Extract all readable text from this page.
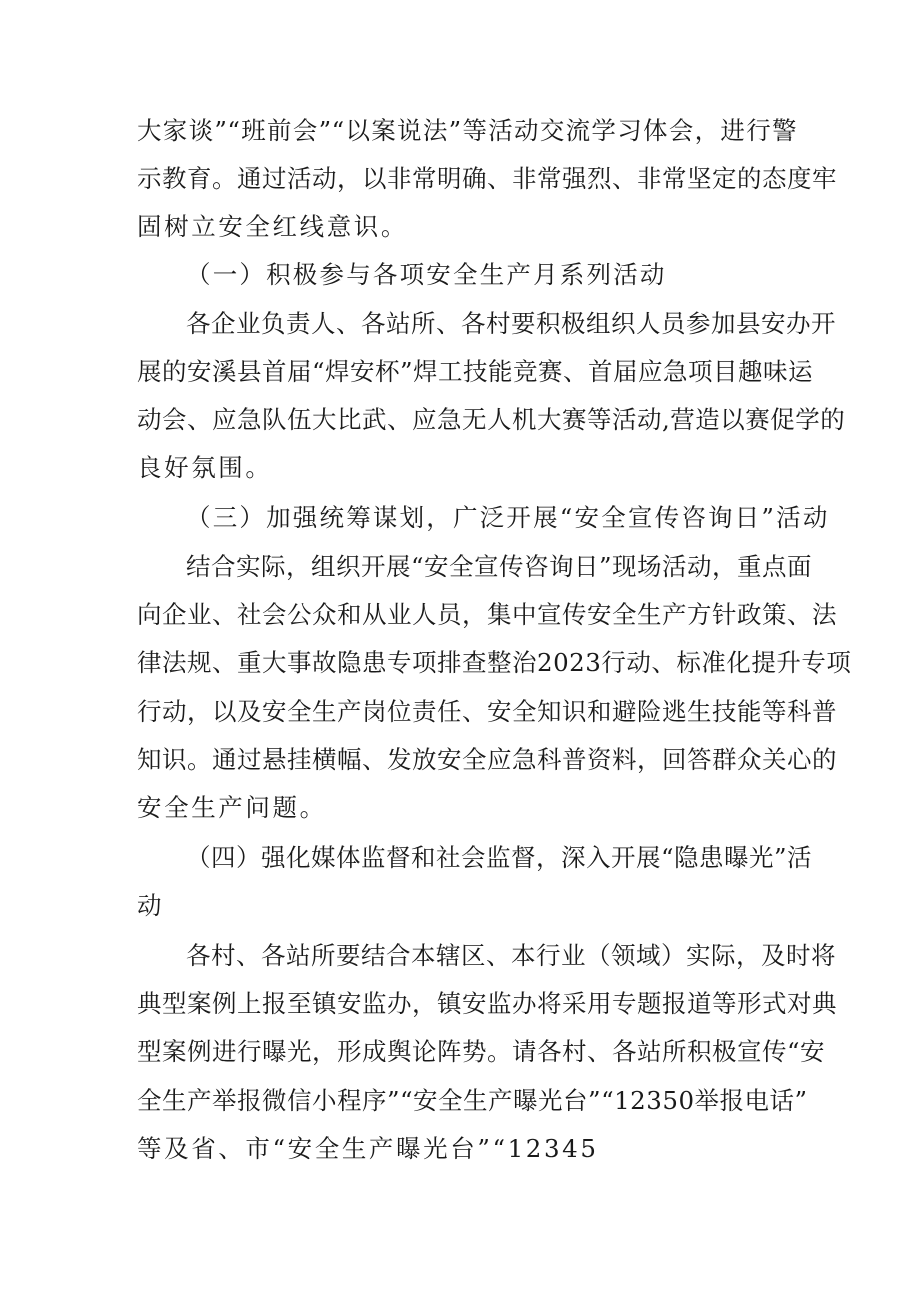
大家谈”“班前会”“以案说法”等活动交流学习体会，进行警
示教育。通过活动，以非常明确、非常强烈、非常坚定的态度牢
固树立安全红线意识。
（一）积极参与各项安全生产月系列活动
各企业负责人、各站所、各村要积极组织人员参加县安办开
展的安溪县首届“焊安杯”焊工技能竞赛、首届应急项目趣味运
动会、应急队伍大比武、应急无人机大赛等活动,营造以赛促学的
良好氛围。
（三）加强统筹谋划，广泛开展“安全宣传咨询日”活动
结合实际，组织开展“安全宣传咨询日”现场活动，重点面
向企业、社会公众和从业人员，集中宣传安全生产方针政策、法
律法规、重大事故隐患专项排查整治2023行动、标准化提升专项
行动，以及安全生产岗位责任、安全知识和避险逃生技能等科普
知识。通过悬挂横幅、发放安全应急科普资料，回答群众关心的
安全生产问题。
（四）强化媒体监督和社会监督，深入开展“隐患曝光”活
动
各村、各站所要结合本辖区、本行业（领域）实际，及时将
典型案例上报至镇安监办，镇安监办将采用专题报道等形式对典
型案例进行曝光，形成舆论阵势。请各村、各站所积极宣传“安
全生产举报微信小程序”“安全生产曝光台”“12350举报电话”
等及省、市“安全生产曝光台”“12345
